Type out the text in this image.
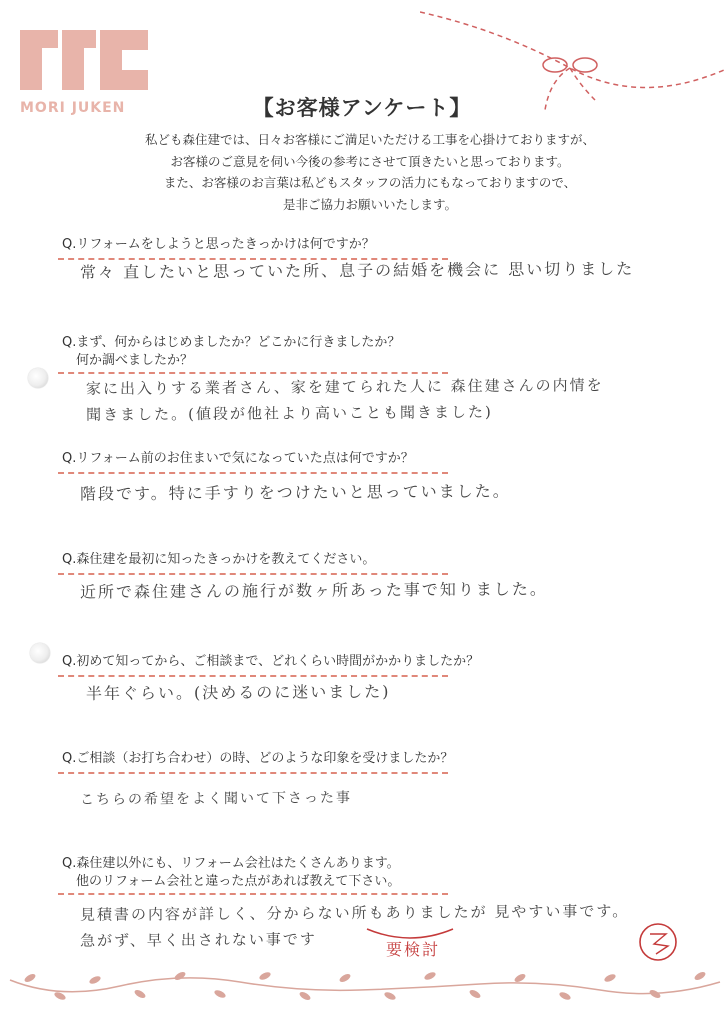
MORI JUKEN	【お客様アンケート】
私ども森住建では、日々お客様にご満足いただける工事を心掛けておりますが、
お客様のご意見を伺い今後の参考にさせて頂きたいと思っております。
また、お客様のお言葉は私どもスタッフの活力にもなっておりますので、
是非ご協力お願いいたします。
Q.リフォームをしようと思ったきっかけは何ですか？
常々 直したいと思っていた所、息子の結婚を機会に 思い切りました
Q.まず、何からはじめましたか？どこかに行きましたか？
何か調べましたか？
家に出入りする業者さん、家を建てられた人に 森住建さんの内情を
聞きました。(値段が他社より高いことも聞きました)
Q.リフォーム前のお住まいで気になっていた点は何ですか？
階段です。特に手すりをつけたいと思っていました。
Q.森住建を最初に知ったきっかけを教えてください。
近所で森住建さんの施行が数ヶ所あった事で知りました。
Q.初めて知ってから、ご相談まで、どれくらい時間がかかりましたか？
半年ぐらい。(決めるのに迷いました)
Q.ご相談（お打ち合わせ）の時、どのような印象を受けましたか？
こちらの希望をよく聞いて下さった事
Q.森住建以外にも、リフォーム会社はたくさんあります。
他のリフォーム会社と違った点があれば教えて下さい。
見積書の内容が詳しく、分からない所もありましたが 見やすい事です。
急がず、早く出されない事です	要検討
